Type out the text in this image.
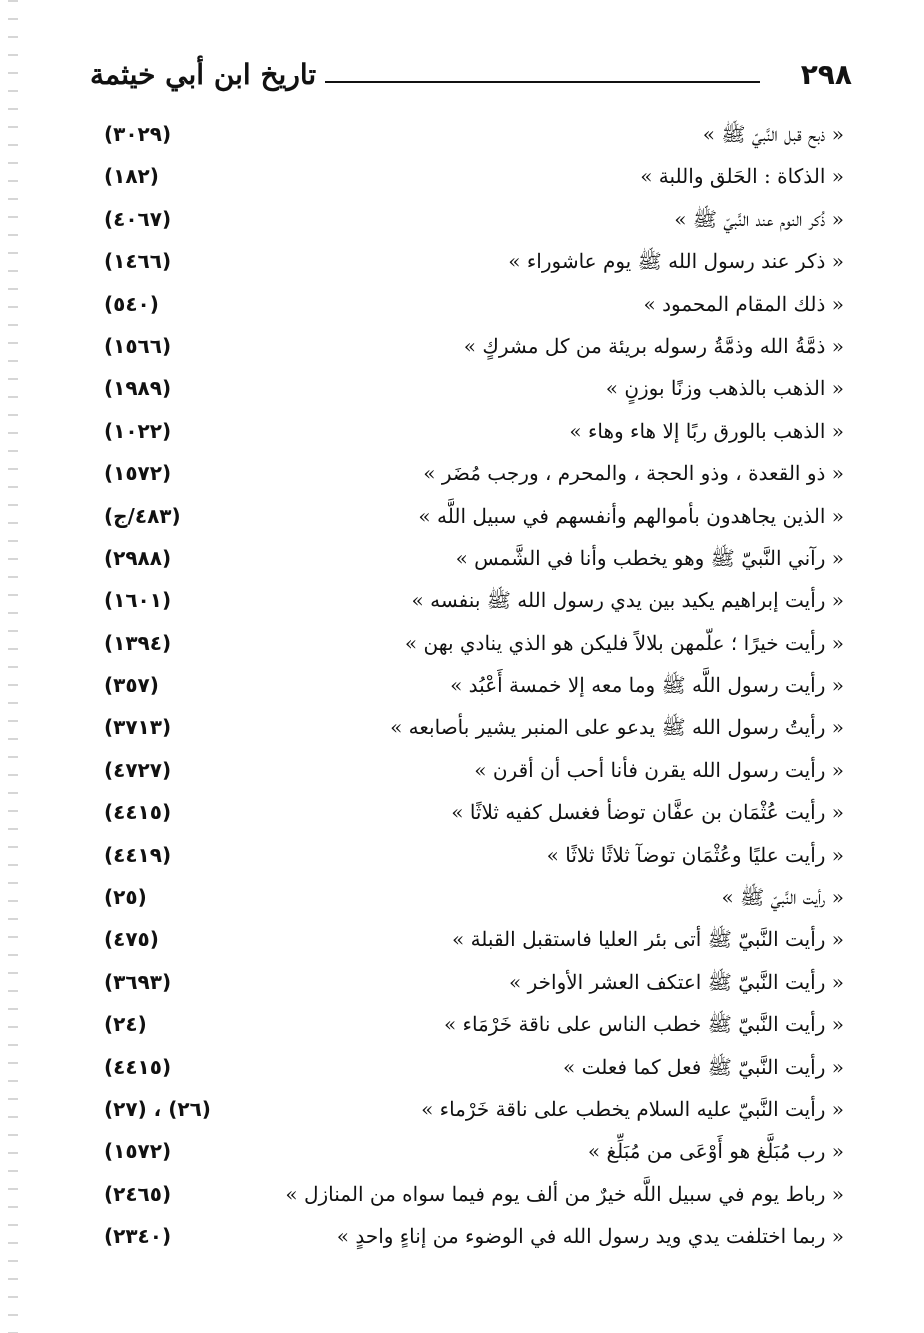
٢٩٨
تاريخ ابن أبي خيثمة
« ذبح قبل النَّبيّ ﷺ »
(٣٠٢٩)
« الذكاة : الحَلق واللبة »
(١٨٢)
« ذُكر النوم عند النَّبيّ ﷺ »
(٤٠٦٧)
« ذكر عند رسول الله ﷺ يوم عاشوراء »
(١٤٦٦)
« ذلك المقام المحمود »
(٥٤٠)
« ذمَّةُ الله وذمَّةُ رسوله بريئة من كل مشركٍ »
(١٥٦٦)
« الذهب بالذهب وزنًا بوزنٍ »
(١٩٨٩)
« الذهب بالورق ربًا إلا هاء وهاء »
(١٠٢٢)
« ذو القعدة ، وذو الحجة ، والمحرم ، ورجب مُضَر »
(١٥٧٢)
« الذين يجاهدون بأموالهم وأنفسهم في سبيل اللَّه »
(٤٨٣/ج)
« رآني النَّبيّ ﷺ وهو يخطب وأنا في الشَّمس »
(٢٩٨٨)
« رأيت إبراهيم يكيد بين يدي رسول الله ﷺ بنفسه »
(١٦٠١)
« رأيت خيرًا ؛ علّمهن بلالاً فليكن هو الذي ينادي بهن »
(١٣٩٤)
« رأيت رسول اللَّه ﷺ وما معه إلا خمسة أَعْبُد »
(٣٥٧)
« رأيتُ رسول الله ﷺ يدعو على المنبر يشير بأصابعه »
(٣٧١٣)
« رأيت رسول الله يقرن فأنا أحب أن أقرن »
(٤٧٢٧)
« رأيت عُثْمَان بن عفَّان توضأ فغسل كفيه ثلاثًا »
(٤٤١٥)
« رأيت عليًا وعُثْمَان توضآ ثلاثًا ثلاثًا »
(٤٤١٩)
« رأيت النَّبيّ ﷺ »
(٢٥)
« رأيت النَّبيّ ﷺ أتى بئر العليا فاستقبل القبلة »
(٤٧٥)
« رأيت النَّبيّ ﷺ اعتكف العشر الأواخر »
(٣٦٩٣)
« رأيت النَّبيّ ﷺ خطب الناس على ناقة خَرْمَاء »
(٢٤)
« رأيت النَّبيّ ﷺ فعل كما فعلت »
(٤٤١٥)
« رأيت النَّبيّ عليه السلام يخطب على ناقة خَرْماء »
(٢٦) ، (٢٧)
« رب مُبَلَّغ هو أَوْعَى من مُبَلِّغ »
(١٥٧٢)
« رباط يوم في سبيل اللَّه خيرٌ من ألف يوم فيما سواه من المنازل »
(٢٤٦٥)
« ربما اختلفت يدي ويد رسول الله في الوضوء من إناءٍ واحدٍ »
(٢٣٤٠)
